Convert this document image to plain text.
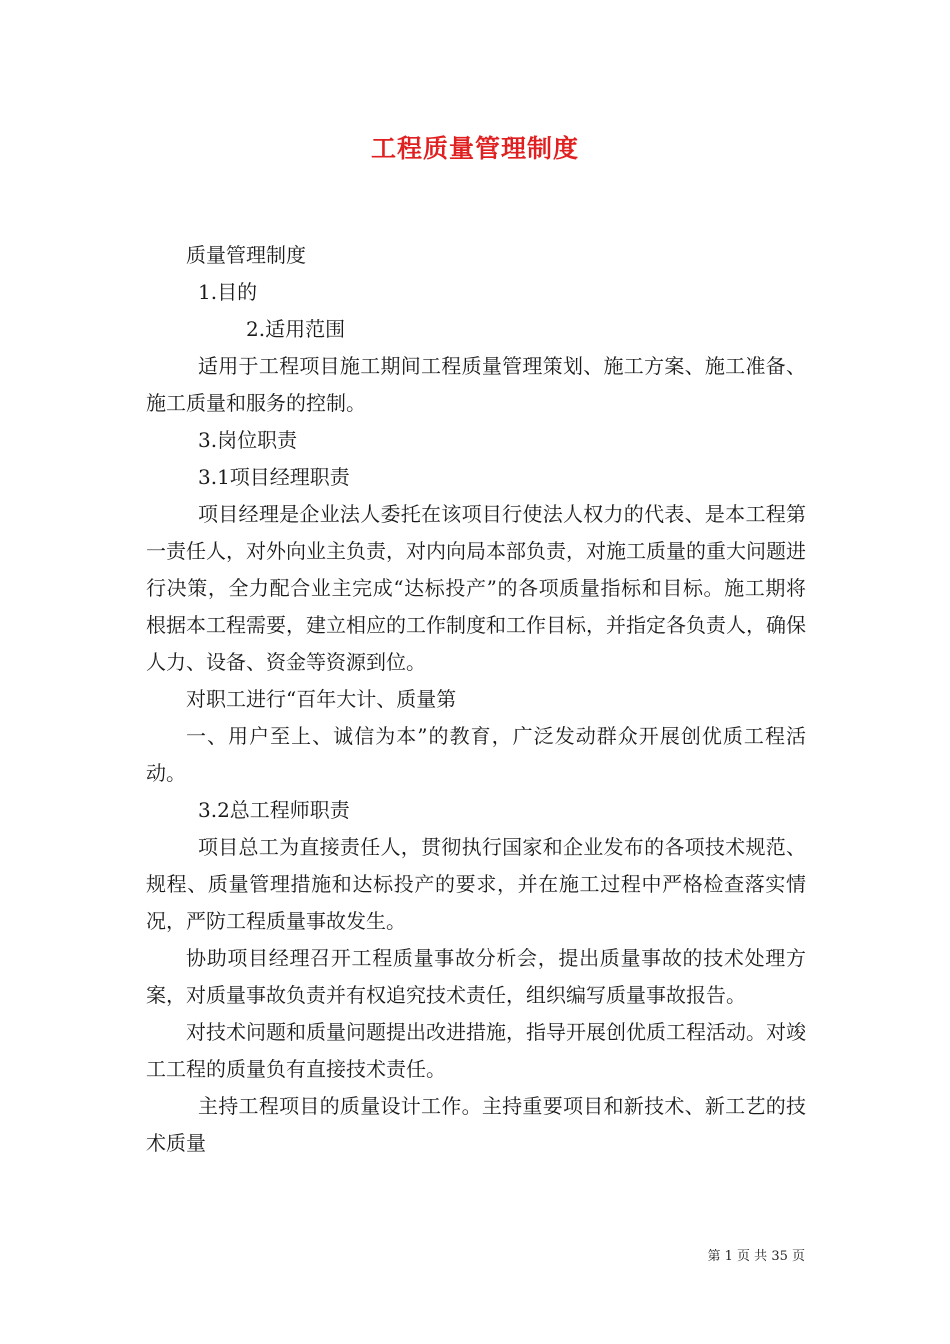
工程质量管理制度

质量管理制度

1.目的

2.适用范围

适用于工程项目施工期间工程质量管理策划、施工方案、施工准备、施工质量和服务的控制。

3.岗位职责

3.1项目经理职责

项目经理是企业法人委托在该项目行使法人权力的代表、是本工程第一责任人，对外向业主负责，对内向局本部负责，对施工质量的重大问题进行决策，全力配合业主完成“达标投产”的各项质量指标和目标。施工期将根据本工程需要，建立相应的工作制度和工作目标，并指定各负责人，确保人力、设备、资金等资源到位。

对职工进行“百年大计、质量第

一、用户至上、诚信为本”的教育，广泛发动群众开展创优质工程活动。

3.2总工程师职责

项目总工为直接责任人，贯彻执行国家和企业发布的各项技术规范、规程、质量管理措施和达标投产的要求，并在施工过程中严格检查落实情况，严防工程质量事故发生。

协助项目经理召开工程质量事故分析会，提出质量事故的技术处理方案，对质量事故负责并有权追究技术责任，组织编写质量事故报告。

对技术问题和质量问题提出改进措施，指导开展创优质工程活动。对竣工工程的质量负有直接技术责任。

主持工程项目的质量设计工作。主持重要项目和新技术、新工艺的技术质量

第 1 页 共 35 页
